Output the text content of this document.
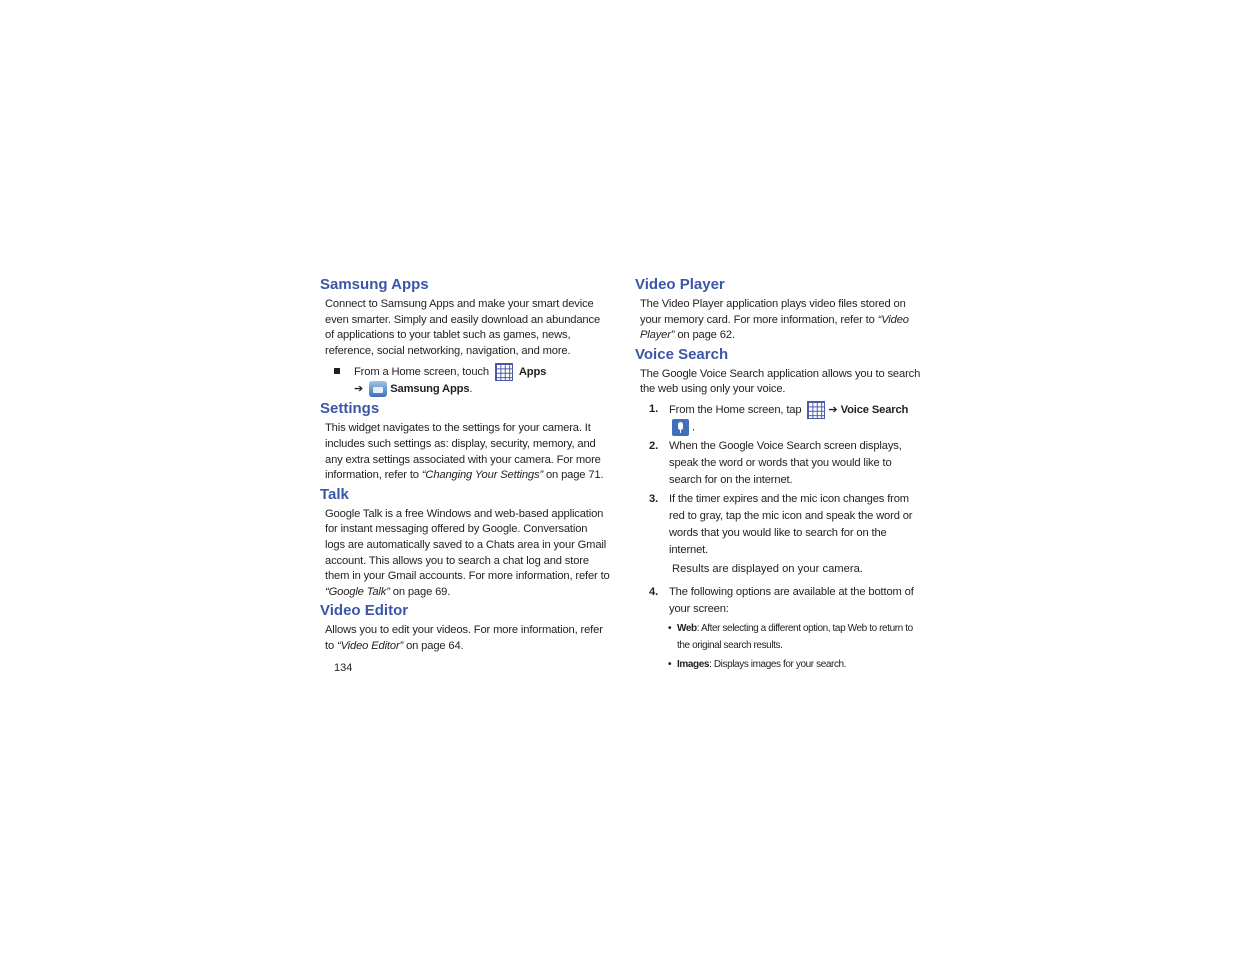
Samsung Apps

Connect to Samsung Apps and make your smart device even smarter. Simply and easily download an abundance of applications to your tablet such as games, news, reference, social networking, navigation, and more.

From a Home screen, touch	Apps
➔ Samsung Apps.
Settings

This widget navigates to the settings for your camera. It includes such settings as: display, security, memory, and any extra settings associated with your camera. For more information, refer to “Changing Your Settings” on page 71.

Talk

Google Talk is a free Windows and web-based application for instant messaging offered by Google. Conversation logs are automatically saved to a Chats area in your Gmail account. This allows you to search a chat log and store them in your Gmail accounts. For more information, refer to “Google Talk” on page 69.

Video Editor

Allows you to edit your videos. For more information, refer to “Video Editor” on page 64.

Video Player

The Video Player application plays video files stored on your memory card. For more information, refer to “Video Player” on page 62.

Voice Search

The Google Voice Search application allows you to search the web using only your voice.

1. From the Home screen, tap ➔ Voice Search .
2. When the Google Voice Search screen displays, speak the word or words that you would like to search for on the internet.
3. If the timer expires and the mic icon changes from red to gray, tap the mic icon and speak the word or words that you would like to search for on the internet.
Results are displayed on your camera.
4. The following options are available at the bottom of your screen:
• Web: After selecting a different option, tap Web to return to the original search results.
• Images: Displays images for your search.
134
